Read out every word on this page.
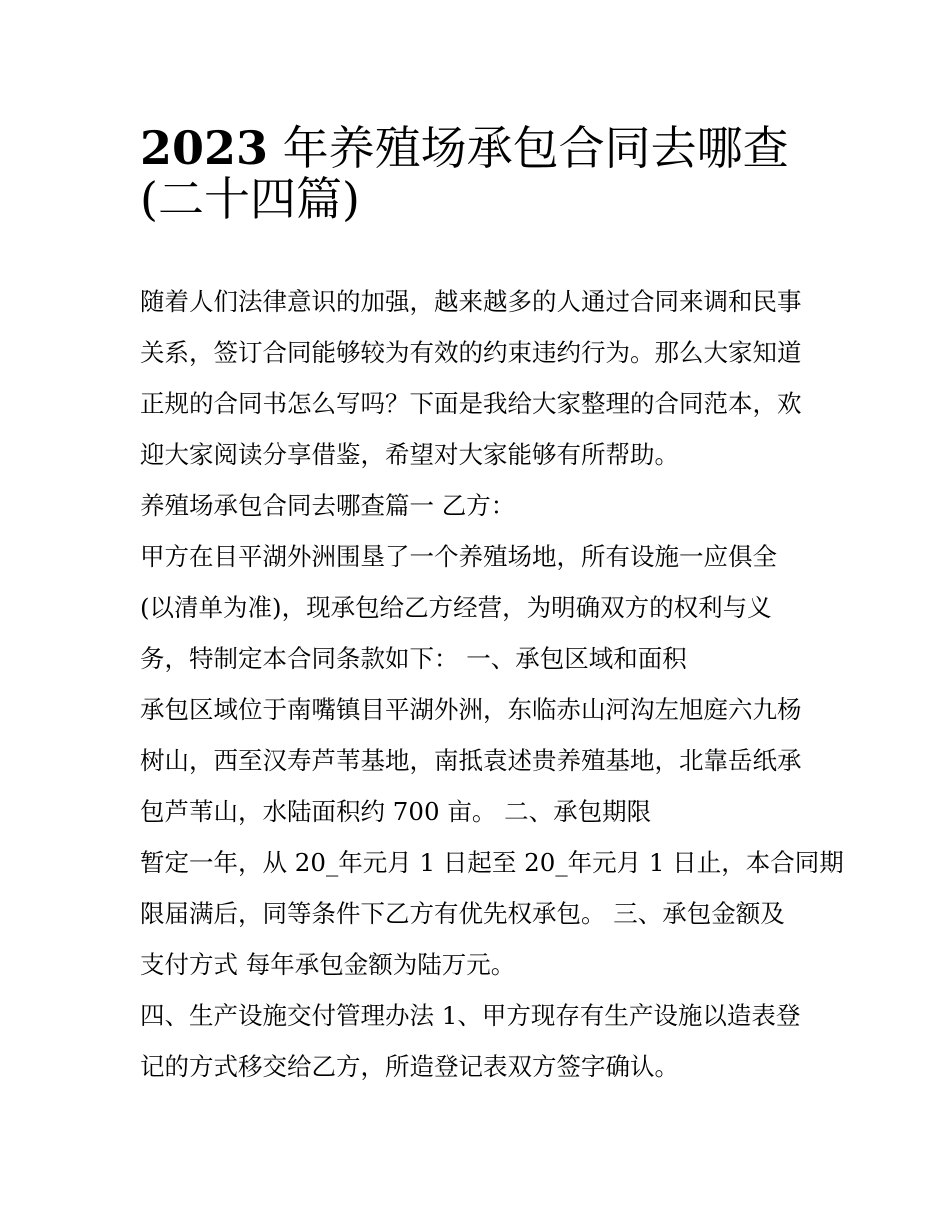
2023 年养殖场承包合同去哪查
(二十四篇)
随着人们法律意识的加强，越来越多的人通过合同来调和民事
关系，签订合同能够较为有效的约束违约行为。那么大家知道
正规的合同书怎么写吗？下面是我给大家整理的合同范本，欢
迎大家阅读分享借鉴，希望对大家能够有所帮助。
养殖场承包合同去哪查篇一 乙方：
甲方在目平湖外洲围垦了一个养殖场地，所有设施一应俱全
(以清单为准)，现承包给乙方经营，为明确双方的权利与义
务，特制定本合同条款如下： 一、承包区域和面积
承包区域位于南嘴镇目平湖外洲，东临赤山河沟左旭庭六九杨
树山，西至汉寿芦苇基地，南抵袁述贵养殖基地，北靠岳纸承
包芦苇山，水陆面积约 700 亩。 二、承包期限
暂定一年，从 20_年元月 1 日起至 20_年元月 1 日止，本合同期
限届满后，同等条件下乙方有优先权承包。 三、承包金额及
支付方式 每年承包金额为陆万元。
四、生产设施交付管理办法 1、甲方现存有生产设施以造表登
记的方式移交给乙方，所造登记表双方签字确认。
